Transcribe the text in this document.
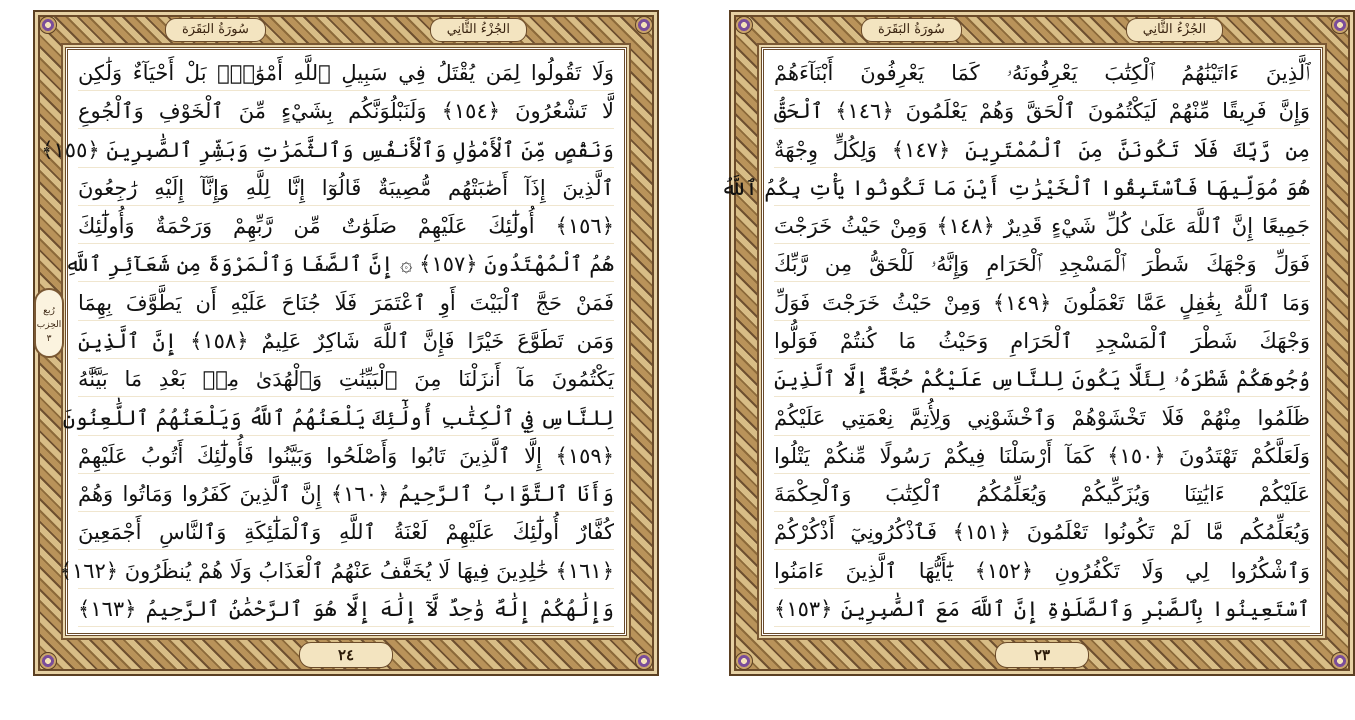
سُورَةُ البَقَرَة	الجُزْءُ الثَّانِي
رُبع الحِزب ٣
وَلَا تَقُولُوا لِمَن يُقْتَلُ فِي سَبِيلِ ٱللَّهِ أَمْوَٰتٌۢ بَلْ أَحْيَآءٌ وَلَٰكِن
لَّا تَشْعُرُونَ ﴿١٥٤﴾ وَلَنَبْلُوَنَّكُم بِشَيْءٍ مِّنَ ٱلْخَوْفِ وَٱلْجُوعِ
وَنَقْصٍ مِّنَ ٱلْأَمْوَٰلِ وَٱلْأَنفُسِ وَٱلثَّمَرَٰتِ وَبَشِّرِ ٱلصَّٰبِرِينَ ﴿١٥٥﴾
ٱلَّذِينَ إِذَآ أَصَٰبَتْهُم مُّصِيبَةٌ قَالُوٓا إِنَّا لِلَّهِ وَإِنَّآ إِلَيْهِ رَٰجِعُونَ
﴿١٥٦﴾ أُولَٰٓئِكَ عَلَيْهِمْ صَلَوَٰتٌ مِّن رَّبِّهِمْ وَرَحْمَةٌ وَأُولَٰٓئِكَ
هُمُ ٱلْمُهْتَدُونَ ﴿١٥٧﴾ ۞ إِنَّ ٱلصَّفَا وَٱلْمَرْوَةَ مِن شَعَآئِرِ ٱللَّهِ
فَمَنْ حَجَّ ٱلْبَيْتَ أَوِ ٱعْتَمَرَ فَلَا جُنَاحَ عَلَيْهِ أَن يَطَّوَّفَ بِهِمَا
وَمَن تَطَوَّعَ خَيْرًا فَإِنَّ ٱللَّهَ شَاكِرٌ عَلِيمٌ ﴿١٥٨﴾ إِنَّ ٱلَّذِينَ
يَكْتُمُونَ مَآ أَنزَلْنَا مِنَ ٱلْبَيِّنَٰتِ وَٱلْهُدَىٰ مِنۢ بَعْدِ مَا بَيَّنَّٰهُ
لِلنَّاسِ فِي ٱلْكِتَٰبِ أُولَٰٓئِكَ يَلْعَنُهُمُ ٱللَّهُ وَيَلْعَنُهُمُ ٱللَّٰعِنُونَ
﴿١٥٩﴾ إِلَّا ٱلَّذِينَ تَابُوا وَأَصْلَحُوا وَبَيَّنُوا فَأُولَٰٓئِكَ أَتُوبُ عَلَيْهِمْ
وَأَنَا ٱلتَّوَّابُ ٱلرَّحِيمُ ﴿١٦٠﴾ إِنَّ ٱلَّذِينَ كَفَرُوا وَمَاتُوا وَهُمْ
كُفَّارٌ أُولَٰٓئِكَ عَلَيْهِمْ لَعْنَةُ ٱللَّهِ وَٱلْمَلَٰٓئِكَةِ وَٱلنَّاسِ أَجْمَعِينَ
﴿١٦١﴾ خَٰلِدِينَ فِيهَا لَا يُخَفَّفُ عَنْهُمُ ٱلْعَذَابُ وَلَا هُمْ يُنظَرُونَ ﴿١٦٢﴾
وَإِلَٰهُكُمْ إِلَٰهٌ وَٰحِدٌ لَّآ إِلَٰهَ إِلَّا هُوَ ٱلرَّحْمَٰنُ ٱلرَّحِيمُ ﴿١٦٣﴾
٢٤
سُورَةُ البَقَرَة	الجُزْءُ الثَّانِي
ٱلَّذِينَ ءَاتَيْنَٰهُمُ ٱلْكِتَٰبَ يَعْرِفُونَهُۥ كَمَا يَعْرِفُونَ أَبْنَآءَهُمْ
وَإِنَّ فَرِيقًا مِّنْهُمْ لَيَكْتُمُونَ ٱلْحَقَّ وَهُمْ يَعْلَمُونَ ﴿١٤٦﴾ ٱلْحَقُّ
مِن رَّبِّكَ فَلَا تَكُونَنَّ مِنَ ٱلْمُمْتَرِينَ ﴿١٤٧﴾ وَلِكُلٍّ وِجْهَةٌ
هُوَ مُوَلِّيهَا فَٱسْتَبِقُوا ٱلْخَيْرَٰتِ أَيْنَ مَا تَكُونُوا يَأْتِ بِكُمُ ٱللَّهُ
جَمِيعًا إِنَّ ٱللَّهَ عَلَىٰ كُلِّ شَيْءٍ قَدِيرٌ ﴿١٤٨﴾ وَمِنْ حَيْثُ خَرَجْتَ
فَوَلِّ وَجْهَكَ شَطْرَ ٱلْمَسْجِدِ ٱلْحَرَامِ وَإِنَّهُۥ لَلْحَقُّ مِن رَّبِّكَ
وَمَا ٱللَّهُ بِغَٰفِلٍ عَمَّا تَعْمَلُونَ ﴿١٤٩﴾ وَمِنْ حَيْثُ خَرَجْتَ فَوَلِّ
وَجْهَكَ شَطْرَ ٱلْمَسْجِدِ ٱلْحَرَامِ وَحَيْثُ مَا كُنتُمْ فَوَلُّوا
وُجُوهَكُمْ شَطْرَهُۥ لِئَلَّا يَكُونَ لِلنَّاسِ عَلَيْكُمْ حُجَّةٌ إِلَّا ٱلَّذِينَ
ظَلَمُوا مِنْهُمْ فَلَا تَخْشَوْهُمْ وَٱخْشَوْنِي وَلِأُتِمَّ نِعْمَتِي عَلَيْكُمْ
وَلَعَلَّكُمْ تَهْتَدُونَ ﴿١٥٠﴾ كَمَآ أَرْسَلْنَا فِيكُمْ رَسُولًا مِّنكُمْ يَتْلُوا
عَلَيْكُمْ ءَايَٰتِنَا وَيُزَكِّيكُمْ وَيُعَلِّمُكُمُ ٱلْكِتَٰبَ وَٱلْحِكْمَةَ
وَيُعَلِّمُكُم مَّا لَمْ تَكُونُوا تَعْلَمُونَ ﴿١٥١﴾ فَٱذْكُرُونِيٓ أَذْكُرْكُمْ
وَٱشْكُرُوا لِي وَلَا تَكْفُرُونِ ﴿١٥٢﴾ يَٰٓأَيُّهَا ٱلَّذِينَ ءَامَنُوا
ٱسْتَعِينُوا بِٱلصَّبْرِ وَٱلصَّلَوٰةِ إِنَّ ٱللَّهَ مَعَ ٱلصَّٰبِرِينَ ﴿١٥٣﴾
٢٣
